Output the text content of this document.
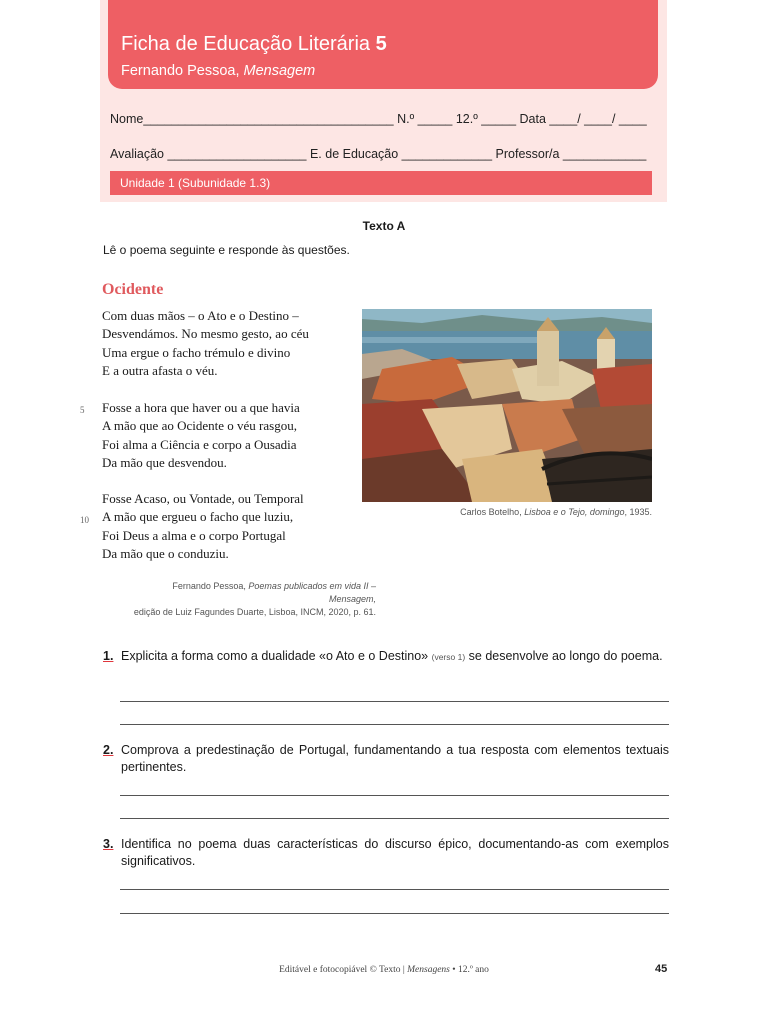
Ficha de Educação Literária 5
Fernando Pessoa, Mensagem
Nome____________________________________ N.º _____ 12.º _____ Data ____/ ____/ ____
Avaliação ____________________ E. de Educação _____________ Professor/a ____________
Unidade 1 (Subunidade 1.3)
Texto A
Lê o poema seguinte e responde às questões.
Ocidente
Com duas mãos – o Ato e o Destino –
Desvendámos. No mesmo gesto, ao céu
Uma ergue o facho trémulo e divino
E a outra afasta o véu.
Fosse a hora que haver ou a que havia
A mão que ao Ocidente o véu rasgou,
Foi alma a Ciência e corpo a Ousadia
Da mão que desvendou.
Fosse Acaso, ou Vontade, ou Temporal
A mão que ergueu o facho que luziu,
Foi Deus a alma e o corpo Portugal
Da mão que o conduziu.
5
10
Fernando Pessoa, Poemas publicados em vida II –
Mensagem,
edição de Luiz Fagundes Duarte, Lisboa, INCM, 2020, p. 61.
Carlos Botelho, Lisboa e o Tejo, domingo, 1935.
1. Explicita a forma como a dualidade «o Ato e o Destino» (verso 1) se desenvolve ao longo do poema.
2. Comprova a predestinação de Portugal, fundamentando a tua resposta com elementos textuais pertinentes.
3. Identifica no poema duas características do discurso épico, documentando-as com exemplos significativos.
Editável e fotocopiável © Texto | Mensagens • 12.º ano	45
